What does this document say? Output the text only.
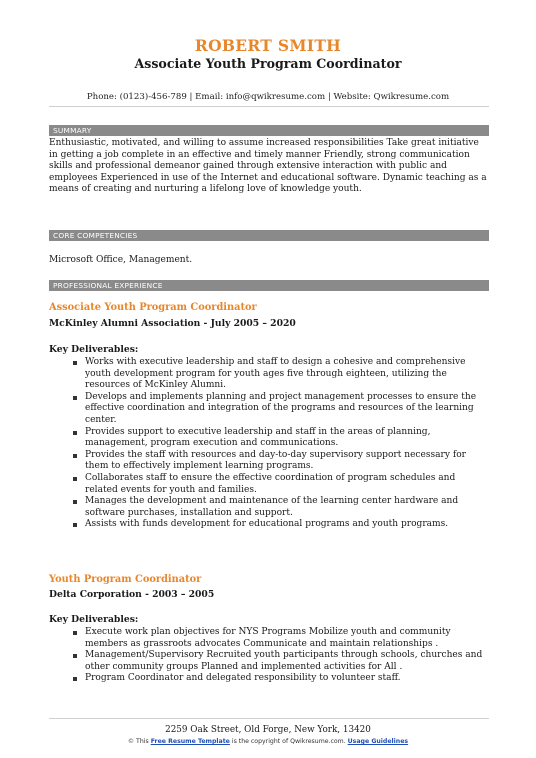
ROBERT SMITH
Associate Youth Program Coordinator
Phone: (0123)-456-789 | Email: info@qwikresume.com | Website: Qwikresume.com
SUMMARY
Enthusiastic, motivated, and willing to assume increased responsibilities Take great initiative in getting a job complete in an effective and timely manner Friendly, strong communication skills and professional demeanor gained through extensive interaction with public and employees Experienced in use of the Internet and educational software. Dynamic teaching as a means of creating and nurturing a lifelong love of knowledge youth.
CORE COMPETENCIES
Microsoft Office, Management.
PROFESSIONAL EXPERIENCE
Associate Youth Program Coordinator
McKinley Alumni Association - July 2005 – 2020
Key Deliverables:
Works with executive leadership and staff to design a cohesive and comprehensive youth development program for youth ages five through eighteen, utilizing the resources of McKinley Alumni.
Develops and implements planning and project management processes to ensure the effective coordination and integration of the programs and resources of the learning center.
Provides support to executive leadership and staff in the areas of planning, management, program execution and communications.
Provides the staff with resources and day-to-day supervisory support necessary for them to effectively implement learning programs.
Collaborates staff to ensure the effective coordination of program schedules and related events for youth and families.
Manages the development and maintenance of the learning center hardware and software purchases, installation and support.
Assists with funds development for educational programs and youth programs.
Youth Program Coordinator
Delta Corporation - 2003 – 2005
Key Deliverables:
Execute work plan objectives for NYS Programs Mobilize youth and community members as grassroots advocates Communicate and maintain relationships .
Management/Supervisory Recruited youth participants through schools, churches and other community groups Planned and implemented activities for All .
Program Coordinator and delegated responsibility to volunteer staff.
2259 Oak Street, Old Forge, New York, 13420
© This Free Resume Template is the copyright of Qwikresume.com. Usage Guidelines
